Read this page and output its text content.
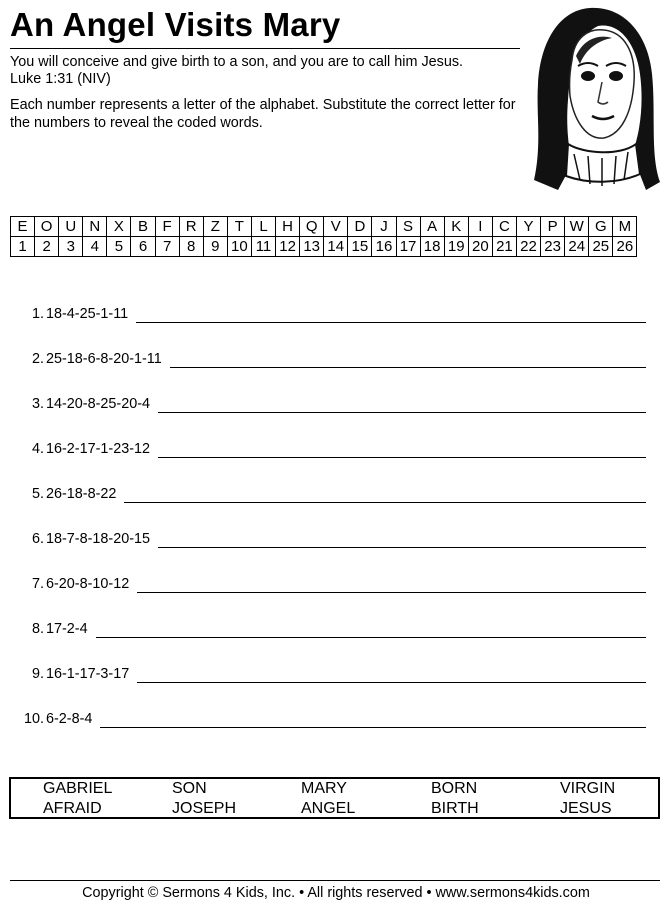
An Angel Visits Mary
You will conceive and give birth to a son, and you are to call him Jesus.
Luke 1:31 (NIV)
Each number represents a letter of the alphabet. Substitute the correct letter for the numbers to reveal the coded words.
E	O	U	N	X	B	F	R	Z	T	L	H	Q	V	D	J	S	A	K	I	C	Y	P	W	G	M
1	2	3	4	5	6	7	8	9	10	11	12	13	14	15	16	17	18	19	20	21	22	23	24	25	26
1. 18-4-25-1-11
2. 25-18-6-8-20-1-11
3. 14-20-8-25-20-4
4. 16-2-17-1-23-12
5. 26-18-8-22
6. 18-7-8-18-20-15
7. 6-20-8-10-12
8. 17-2-4
9. 16-1-17-3-17
10. 6-2-8-4
GABRIEL	SON	MARY	BORN	VIRGIN
AFRAID	JOSEPH	ANGEL	BIRTH	JESUS
Copyright © Sermons 4 Kids, Inc. • All rights reserved • www.sermons4kids.com
